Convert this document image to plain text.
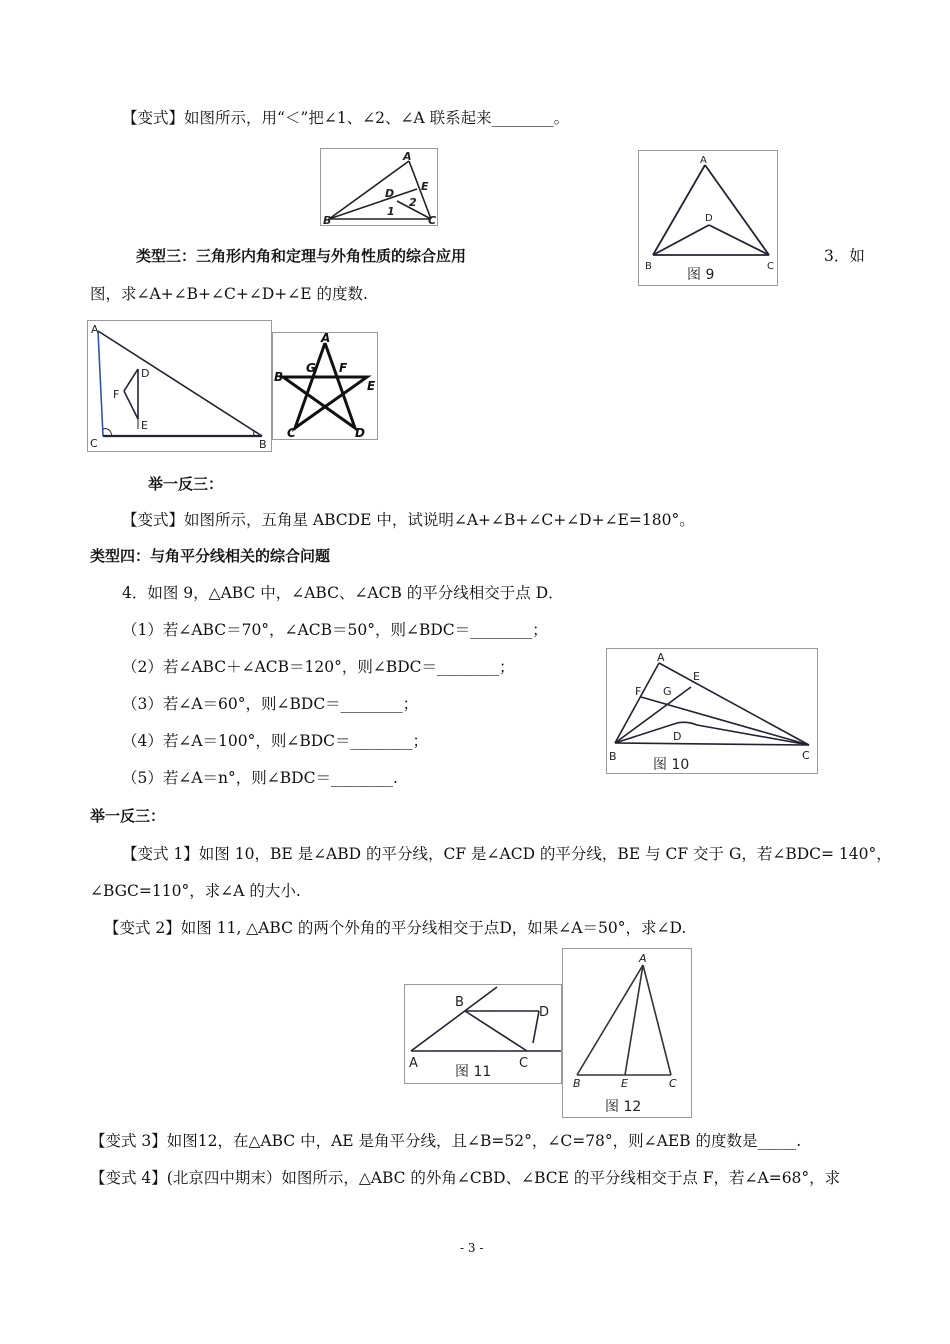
【变式】如图所示，用“＜”把∠1、∠2、∠A 联系起来________。
类型三：三角形内角和定理与外角性质的综合应用	3．如
图，求∠A+∠B+∠C+∠D+∠E 的度数.
举一反三：
【变式】如图所示，五角星 ABCDE 中，试说明∠A+∠B+∠C+∠D+∠E=180°。
类型四：与角平分线相关的综合问题
4．如图 9，△ABC 中，∠ABC、∠ACB 的平分线相交于点 D．
（1）若∠ABC＝70°，∠ACB＝50°，则∠BDC＝________；
（2）若∠ABC＋∠ACB＝120°，则∠BDC＝________；
（3）若∠A＝60°，则∠BDC＝________；
（4）若∠A＝100°，则∠BDC＝________；
（5）若∠A＝n°，则∠BDC＝________.
举一反三：
【变式 1】如图 10，BE 是∠ABD 的平分线，CF 是∠ACD 的平分线，BE 与 CF 交于 G，若∠BDC= 140°，
∠BGC=110°，求∠A 的大小.
【变式 2】如图 11, △ABC 的两个外角的平分线相交于点D，如果∠A＝50°，求∠D.
【变式 3】如图12，在△ABC 中，AE 是角平分线，且∠B=52°，∠C=78°，则∠AEB 的度数是_____.
【变式 4】(北京四中期末）如图所示，△ABC 的外角∠CBD、∠BCE 的平分线相交于点 F，若∠A=68°，求
- 3 -
A
B	C
D
E
1
2
A
B	C
D
图 9
A
B
C
D
E
F
A
B
C	D
E
F
G
A
B	C
D
E
F G
图 10
A
B
C
D
图 11
A
B	C
E
图 12
